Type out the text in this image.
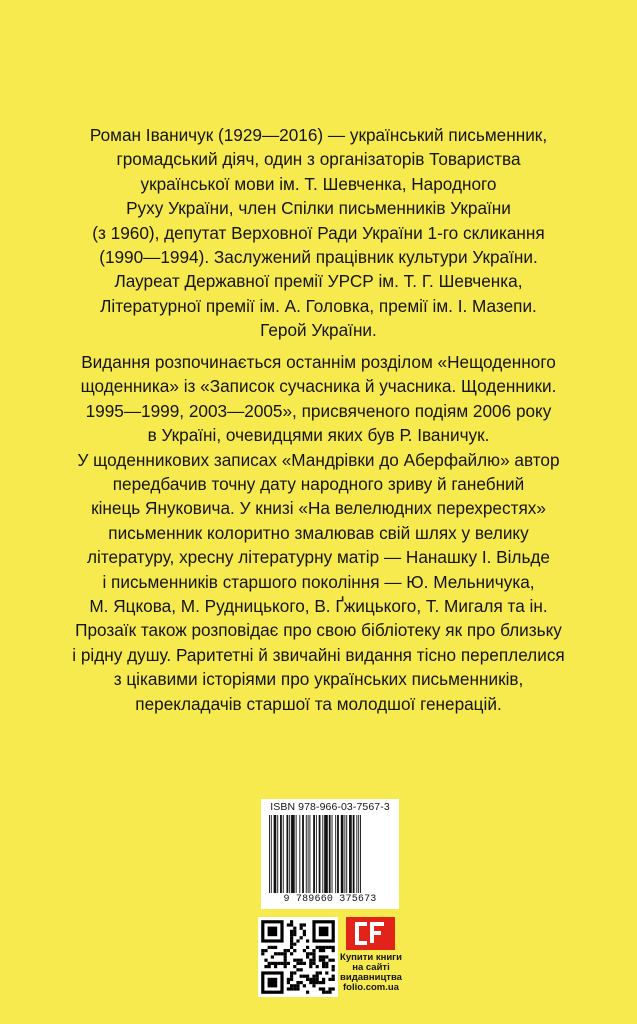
Роман Іваничук (1929—2016) — український письменник,
громадський діяч, один з організаторів Товариства
української мови ім. Т. Шевченка, Народного
Руху України, член Спілки письменників України
(з 1960), депутат Верховної Ради України 1-го скликання
(1990—1994). Заслужений працівник культури України.
Лауреат Державної премії УРСР ім. Т. Г. Шевченка,
Літературної премії ім. А. Головка, премії ім. І. Мазепи.
Герой України.
Видання розпочинається останнім розділом «Нещоденного
щоденника» із «Записок сучасника й учасника. Щоденники.
1995—1999, 2003—2005», присвяченого подіям 2006 року
в Україні, очевидцями яких був Р. Іваничук.
У щоденникових записах «Мандрівки до Аберфайлю» автор
передбачив точну дату народного зриву й ганебний
кінець Януковича. У книзі «На велелюдних перехрестях»
письменник колоритно змалював свій шлях у велику
літературу, хресну літературну матір — Нанашку І. Вільде
і письменників старшого покоління — Ю. Мельничука,
М. Яцкова, М. Рудницького, В. Ґжицького, Т. Мигаля та ін.
Прозаїк також розповідає про свою бібліотеку як про близьку
і рідну душу. Раритетні й звичайні видання тісно переплелися
з цікавими історіями про українських письменників,
перекладачів старшої та молодшої генерацій.
ISBN 978-966-03-7567-3
9 789660 375673
Купити книги
на сайті
видавництва
folio.com.ua
